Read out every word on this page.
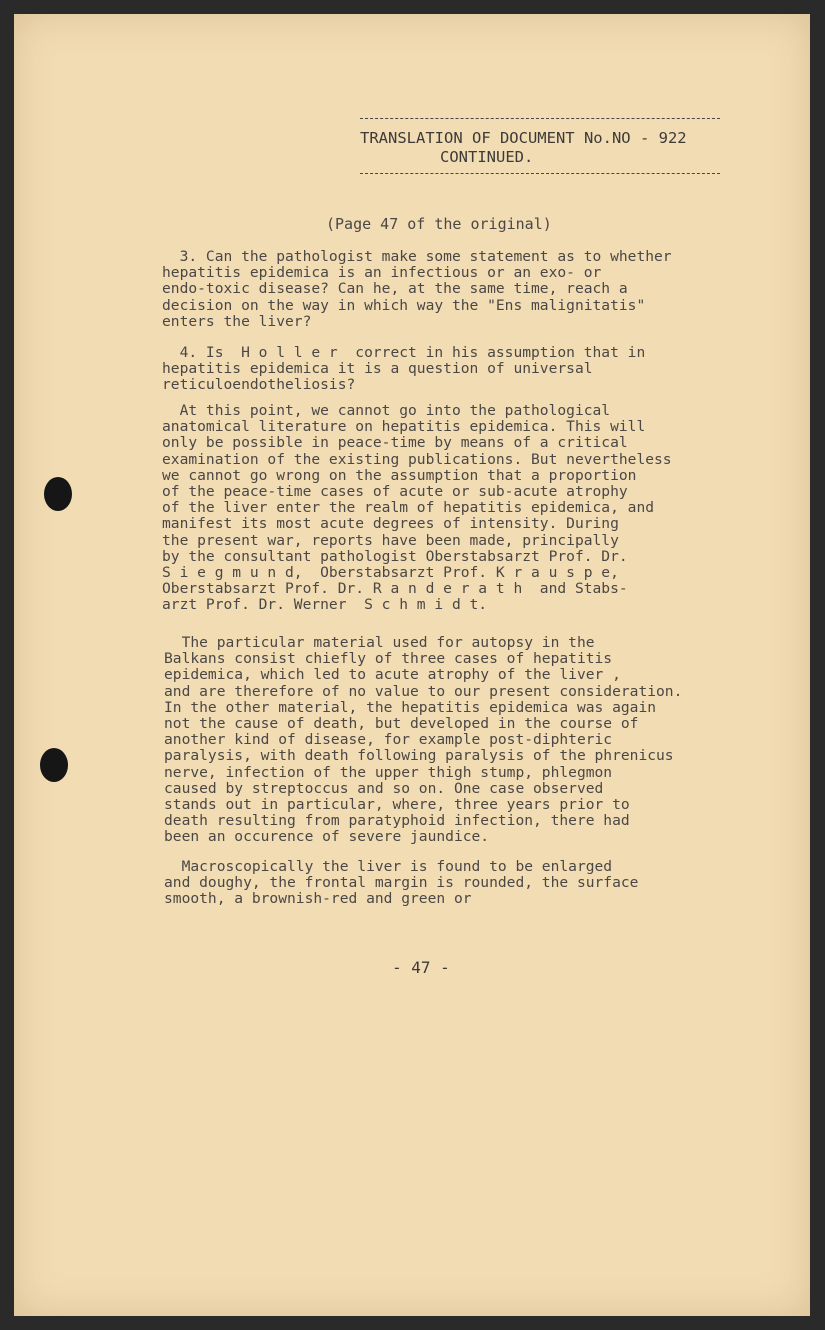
TRANSLATION OF DOCUMENT No.NO - 922
CONTINUED.

(Page 47 of the original)

3. Can the pathologist make some statement as to whether
hepatitis epidemica is an infectious or an exo- or
endo-toxic disease? Can he, at the same time, reach a
decision on the way in which way the "Ens malignitatis"
enters the liver?

4. Is  H o l l e r  correct in his assumption that in
hepatitis epidemica it is a question of universal
reticuloendotheliosis?

At this point, we cannot go into the pathological
anatomical literature on hepatitis epidemica. This will
only be possible in peace-time by means of a critical
examination of the existing publications. But nevertheless
we cannot go wrong on the assumption that a proportion
of the peace-time cases of acute or sub-acute atrophy
of the liver enter the realm of hepatitis epidemica, and
manifest its most acute degrees of intensity. During
the present war, reports have been made, principally
by the consultant pathologist Oberstabsarzt Prof. Dr.
S i e g m u n d,  Oberstabsarzt Prof. K r a u s p e,
Oberstabsarzt Prof. Dr. R a n d e r a t h  and Stabs-
arzt Prof. Dr. Werner  S c h m i d t.

The particular material used for autopsy in the
Balkans consist chiefly of three cases of hepatitis
epidemica, which led to acute atrophy of the liver ,
and are therefore of no value to our present consideration.
In the other material, the hepatitis epidemica was again
not the cause of death, but developed in the course of
another kind of disease, for example post-diphteric
paralysis, with death following paralysis of the phrenicus
nerve, infection of the upper thigh stump, phlegmon
caused by streptoccus and so on. One case observed
stands out in particular, where, three years prior to
death resulting from paratyphoid infection, there had
been an occurence of severe jaundice.

Macroscopically the liver is found to be enlarged
and doughy, the frontal margin is rounded, the surface
smooth, a brownish-red and green or

- 47 -
